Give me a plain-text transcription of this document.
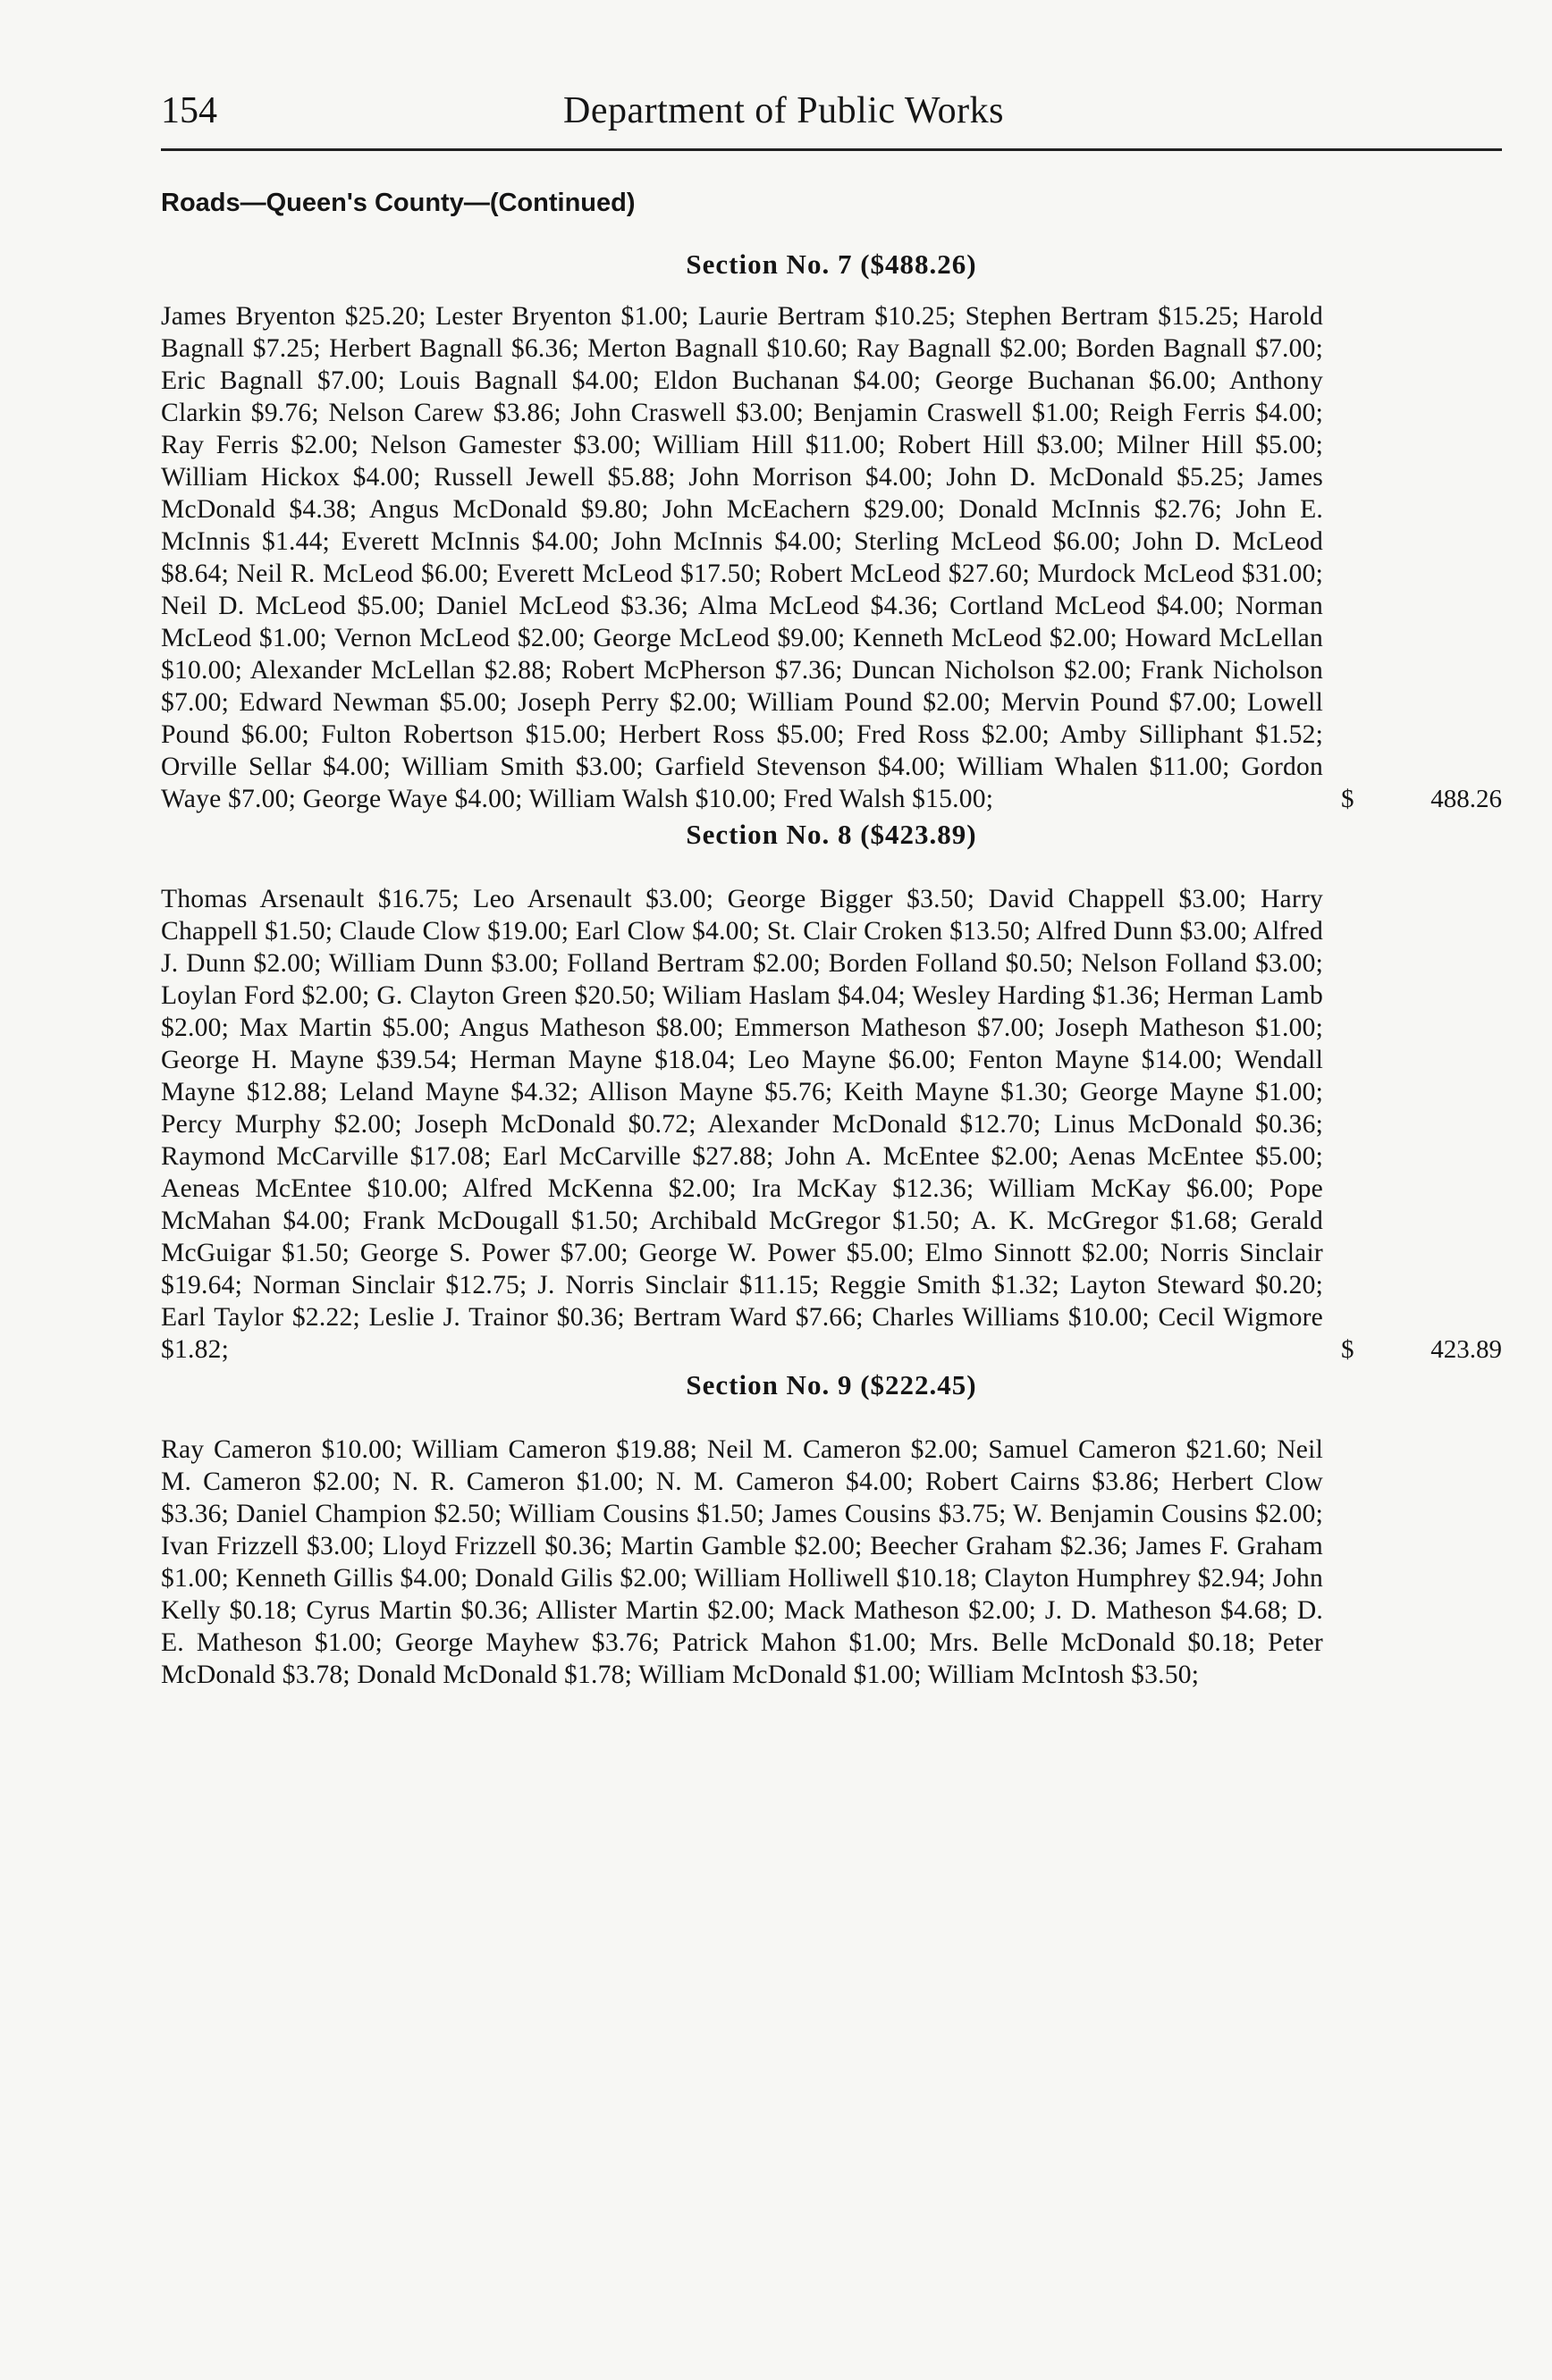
154	Department of Public Works
Roads—Queen's County—(Continued)
Section No. 7 ($488.26)
James Bryenton $25.20; Lester Bryenton $1.00; Laurie Bertram $10.25; Stephen Bertram $15.25; Harold Bagnall $7.25; Herbert Bagnall $6.36; Merton Bagnall $10.60; Ray Bagnall $2.00; Borden Bagnall $7.00; Eric Bagnall $7.00; Louis Bagnall $4.00; Eldon Buchanan $4.00; George Buchanan $6.00; Anthony Clarkin $9.76; Nelson Carew $3.86; John Craswell $3.00; Benjamin Craswell $1.00; Reigh Ferris $4.00; Ray Ferris $2.00; Nelson Gamester $3.00; William Hill $11.00; Robert Hill $3.00; Milner Hill $5.00; William Hickox $4.00; Russell Jewell $5.88; John Morrison $4.00; John D. McDonald $5.25; James McDonald $4.38; Angus McDonald $9.80; John McEachern $29.00; Donald McInnis $2.76; John E. McInnis $1.44; Everett McInnis $4.00; John McInnis $4.00; Sterling McLeod $6.00; John D. McLeod $8.64; Neil R. McLeod $6.00; Everett McLeod $17.50; Robert McLeod $27.60; Murdock McLeod $31.00; Neil D. McLeod $5.00; Daniel McLeod $3.36; Alma McLeod $4.36; Cortland McLeod $4.00; Norman McLeod $1.00; Vernon McLeod $2.00; George McLeod $9.00; Kenneth McLeod $2.00; Howard McLellan $10.00; Alexander McLellan $2.88; Robert McPherson $7.36; Duncan Nicholson $2.00; Frank Nicholson $7.00; Edward Newman $5.00; Joseph Perry $2.00; William Pound $2.00; Mervin Pound $7.00; Lowell Pound $6.00; Fulton Robertson $15.00; Herbert Ross $5.00; Fred Ross $2.00; Amby Silliphant $1.52; Orville Sellar $4.00; William Smith $3.00; Garfield Stevenson $4.00; William Whalen $11.00; Gordon Waye $7.00; George Waye $4.00; William Walsh $10.00; Fred Walsh $15.00;	$	488.26
Section No. 8 ($423.89)
Thomas Arsenault $16.75; Leo Arsenault $3.00; George Bigger $3.50; David Chappell $3.00; Harry Chappell $1.50; Claude Clow $19.00; Earl Clow $4.00; St. Clair Croken $13.50; Alfred Dunn $3.00; Alfred J. Dunn $2.00; William Dunn $3.00; Folland Bertram $2.00; Borden Folland $0.50; Nelson Folland $3.00; Loylan Ford $2.00; G. Clayton Green $20.50; Wiliam Haslam $4.04; Wesley Harding $1.36; Herman Lamb $2.00; Max Martin $5.00; Angus Matheson $8.00; Emmerson Matheson $7.00; Joseph Matheson $1.00; George H. Mayne $39.54; Herman Mayne $18.04; Leo Mayne $6.00; Fenton Mayne $14.00; Wendall Mayne $12.88; Leland Mayne $4.32; Allison Mayne $5.76; Keith Mayne $1.30; George Mayne $1.00; Percy Murphy $2.00; Joseph McDonald $0.72; Alexander McDonald $12.70; Linus McDonald $0.36; Raymond McCarville $17.08; Earl McCarville $27.88; John A. McEntee $2.00; Aenas McEntee $5.00; Aeneas McEntee $10.00; Alfred McKenna $2.00; Ira McKay $12.36; William McKay $6.00; Pope McMahan $4.00; Frank McDougall $1.50; Archibald McGregor $1.50; A. K. McGregor $1.68; Gerald McGuigar $1.50; George S. Power $7.00; George W. Power $5.00; Elmo Sinnott $2.00; Norris Sinclair $19.64; Norman Sinclair $12.75; J. Norris Sinclair $11.15; Reggie Smith $1.32; Layton Steward $0.20; Earl Taylor $2.22; Leslie J. Trainor $0.36; Bertram Ward $7.66; Charles Williams $10.00; Cecil Wigmore $1.82;	$	423.89
Section No. 9 ($222.45)
Ray Cameron $10.00; William Cameron $19.88; Neil M. Cameron $2.00; Samuel Cameron $21.60; Neil M. Cameron $2.00; N. R. Cameron $1.00; N. M. Cameron $4.00; Robert Cairns $3.86; Herbert Clow $3.36; Daniel Champion $2.50; William Cousins $1.50; James Cousins $3.75; W. Benjamin Cousins $2.00; Ivan Frizzell $3.00; Lloyd Frizzell $0.36; Martin Gamble $2.00; Beecher Graham $2.36; James F. Graham $1.00; Kenneth Gillis $4.00; Donald Gilis $2.00; William Holliwell $10.18; Clayton Humphrey $2.94; John Kelly $0.18; Cyrus Martin $0.36; Allister Martin $2.00; Mack Matheson $2.00; J. D. Matheson $4.68; D. E. Matheson $1.00; George Mayhew $3.76; Patrick Mahon $1.00; Mrs. Belle McDonald $0.18; Peter McDonald $3.78; Donald McDonald $1.78; William McDonald $1.00; William McIntosh $3.50;
